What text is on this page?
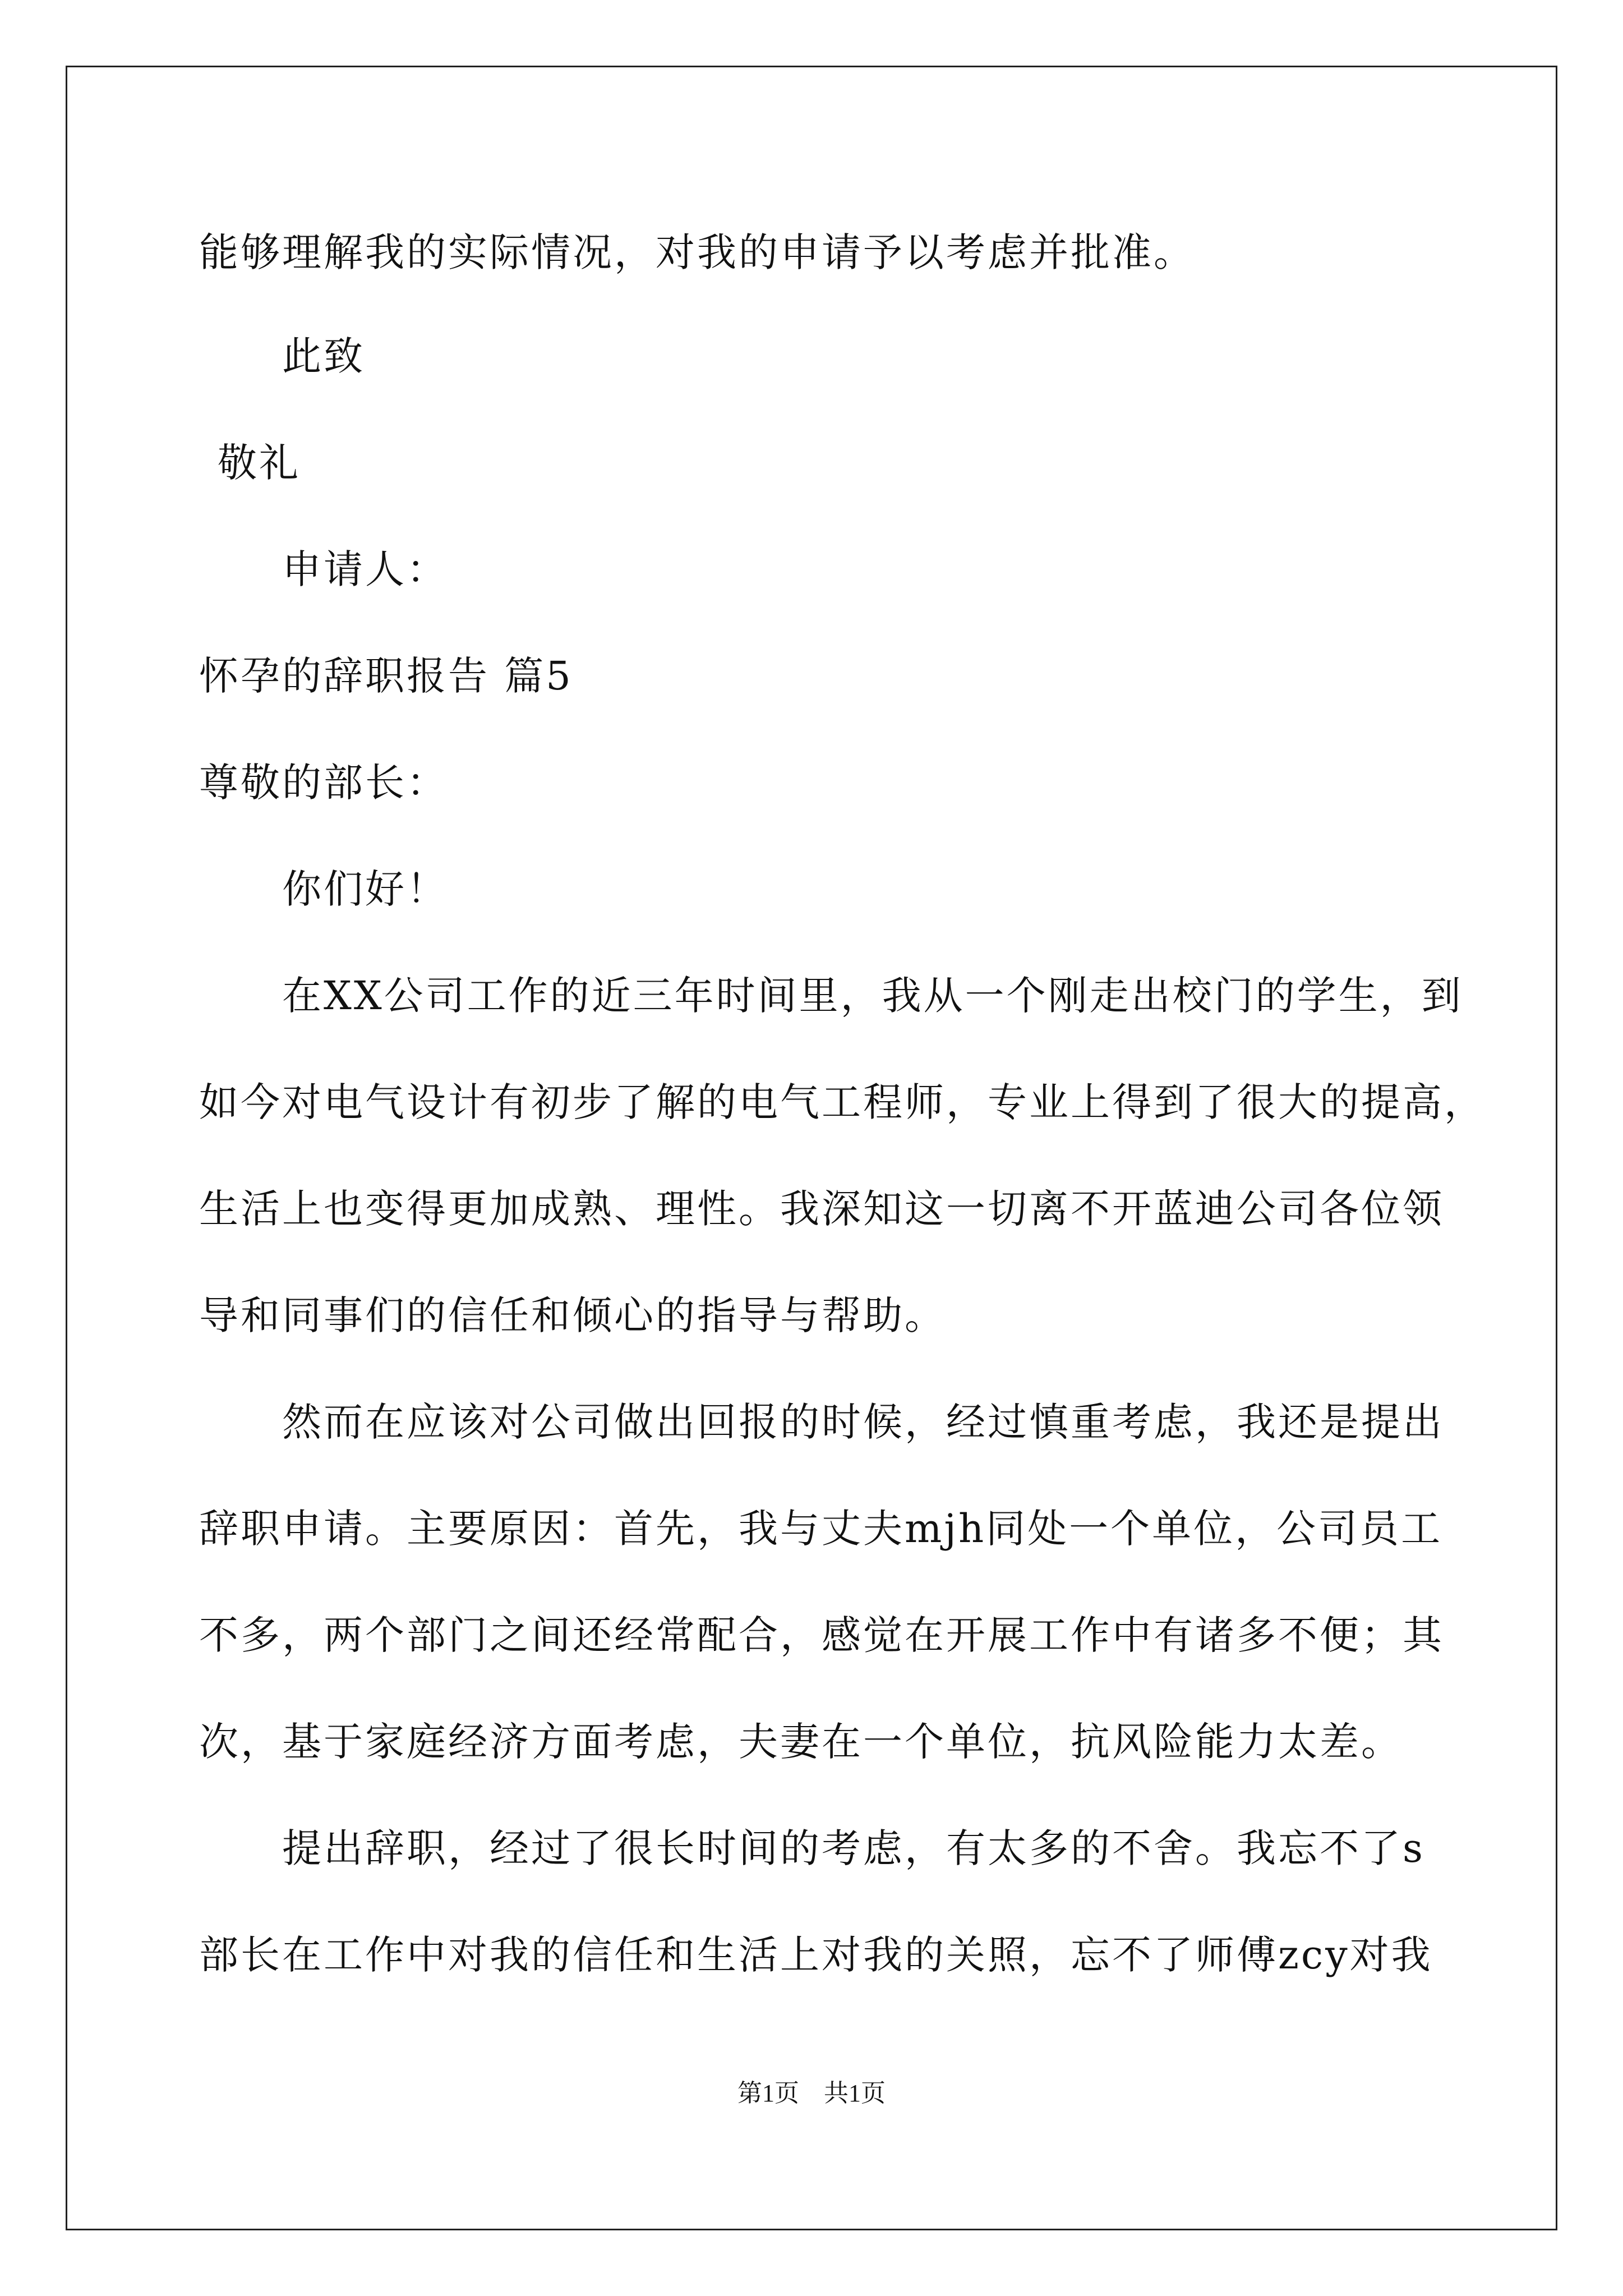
能够理解我的实际情况，对我的申请予以考虑并批准。
此致
敬礼
申请人：
怀孕的辞职报告 篇5
尊敬的部长：
你们好！
在XX公司工作的近三年时间里，我从一个刚走出校门的学生，到
如今对电气设计有初步了解的电气工程师，专业上得到了很大的提高，
生活上也变得更加成熟、理性。我深知这一切离不开蓝迪公司各位领
导和同事们的信任和倾心的指导与帮助。
然而在应该对公司做出回报的时候，经过慎重考虑，我还是提出
辞职申请。主要原因：首先，我与丈夫mjh同处一个单位，公司员工
不多，两个部门之间还经常配合，感觉在开展工作中有诸多不便；其
次，基于家庭经济方面考虑，夫妻在一个单位，抗风险能力太差。
提出辞职，经过了很长时间的考虑，有太多的不舍。我忘不了s
部长在工作中对我的信任和生活上对我的关照，忘不了师傅zcy对我
第1页　共1页
